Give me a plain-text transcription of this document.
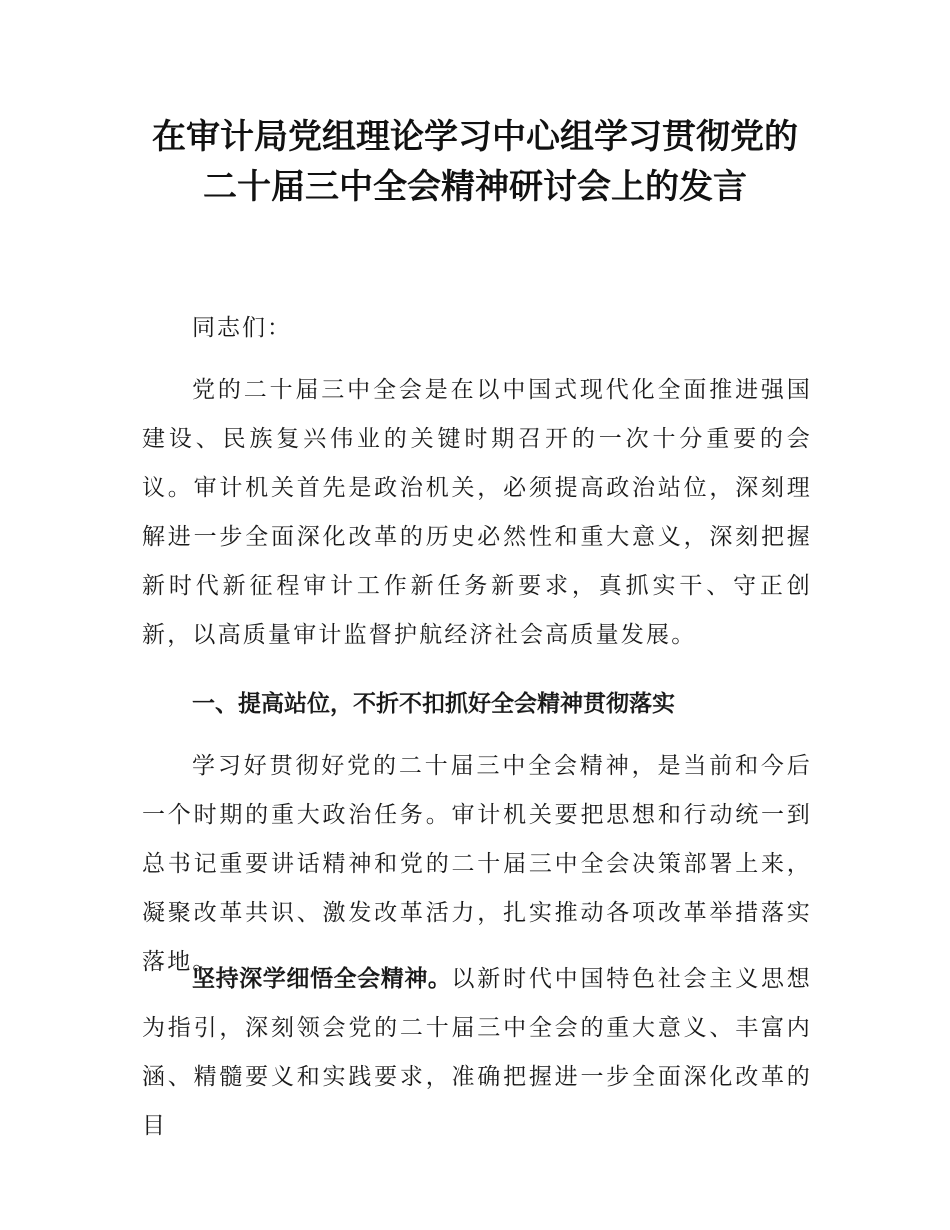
在审计局党组理论学习中心组学习贯彻党的
二十届三中全会精神研讨会上的发言
同志们：
党的二十届三中全会是在以中国式现代化全面推进强国建设、民族复兴伟业的关键时期召开的一次十分重要的会议。审计机关首先是政治机关，必须提高政治站位，深刻理解进一步全面深化改革的历史必然性和重大意义，深刻把握新时代新征程审计工作新任务新要求，真抓实干、守正创新，以高质量审计监督护航经济社会高质量发展。
一、提高站位，不折不扣抓好全会精神贯彻落实
学习好贯彻好党的二十届三中全会精神，是当前和今后一个时期的重大政治任务。审计机关要把思想和行动统一到总书记重要讲话精神和党的二十届三中全会决策部署上来，凝聚改革共识、激发改革活力，扎实推动各项改革举措落实落地。
坚持深学细悟全会精神。以新时代中国特色社会主义思想为指引，深刻领会党的二十届三中全会的重大意义、丰富内涵、精髓要义和实践要求，准确把握进一步全面深化改革的目
